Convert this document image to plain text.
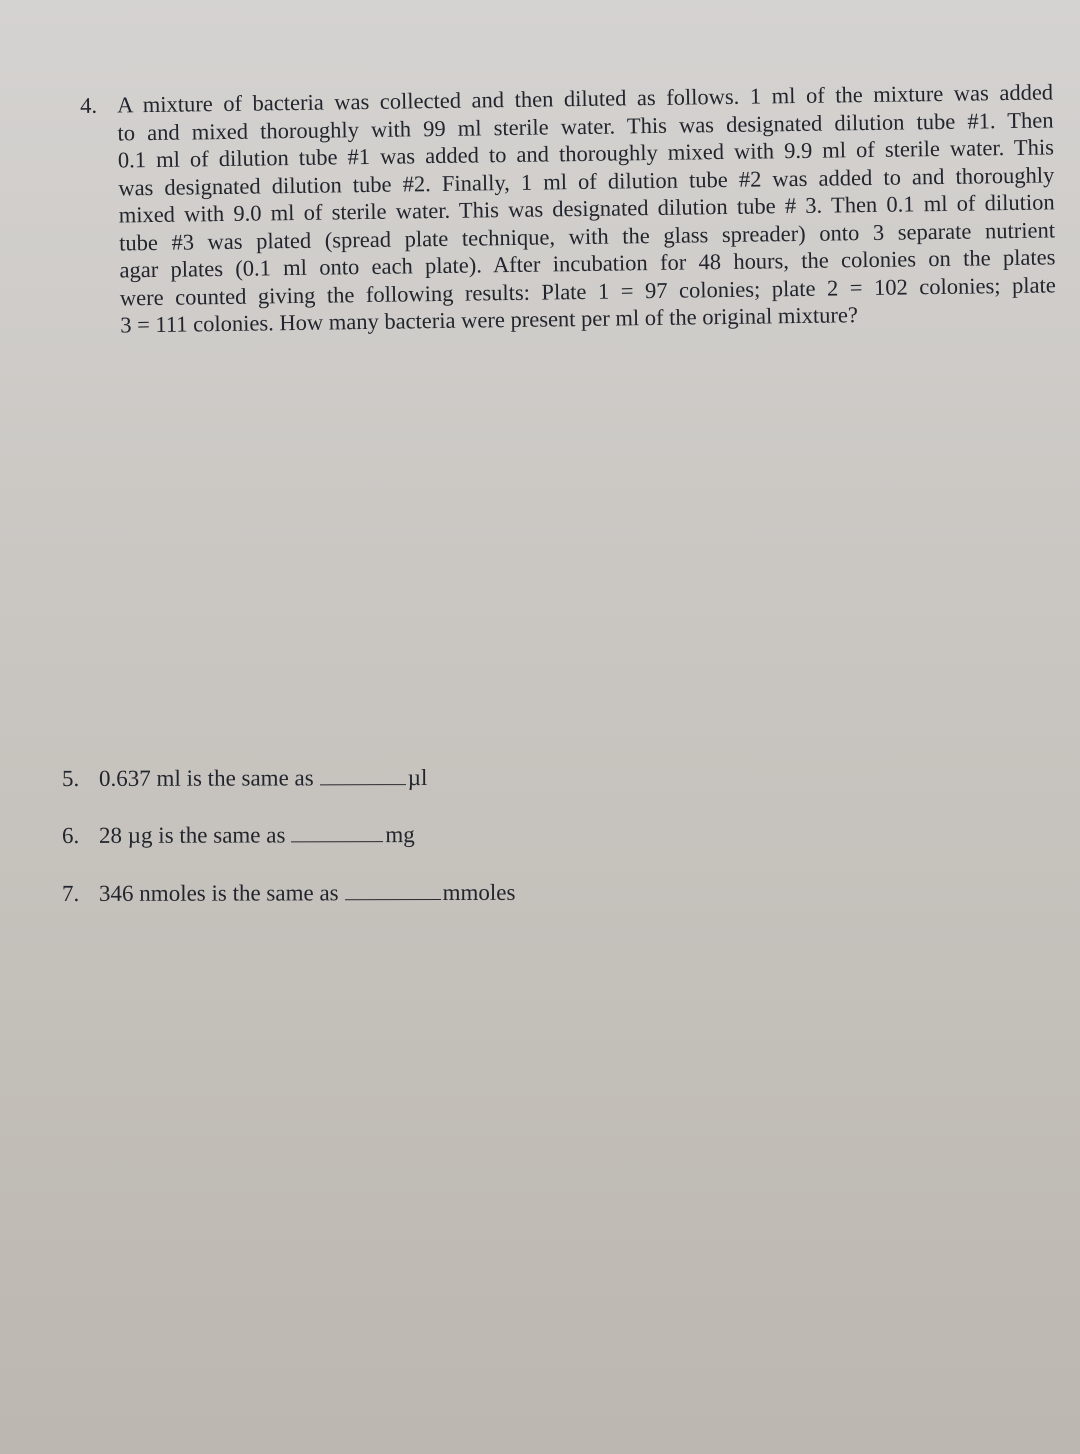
4. A mixture of bacteria was collected and then diluted as follows. 1 ml of the mixture was added
to and mixed thoroughly with 99 ml sterile water. This was designated dilution tube #1. Then
0.1 ml of dilution tube #1 was added to and thoroughly mixed with 9.9 ml of sterile water. This
was designated dilution tube #2. Finally, 1 ml of dilution tube #2 was added to and thoroughly
mixed with 9.0 ml of sterile water. This was designated dilution tube # 3. Then 0.1 ml of dilution
tube #3 was plated (spread plate technique, with the glass spreader) onto 3 separate nutrient
agar plates (0.1 ml onto each plate). After incubation for 48 hours, the colonies on the plates
were counted giving the following results: Plate 1 = 97 colonies; plate 2 = 102 colonies; plate
3 = 111 colonies. How many bacteria were present per ml of the original mixture?
5. 0.637 ml is the same as	µl
6. 28 µg is the same as	mg
7. 346 nmoles is the same as	mmoles
